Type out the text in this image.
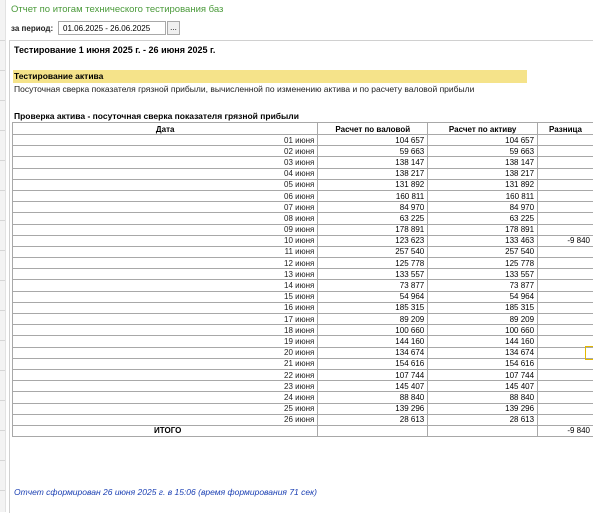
Отчет по итогам технического тестирования баз
за период:	01.06.2025 - 26.06.2025	...
Тестирование 1 июня 2025 г. - 26 июня 2025 г.
Тестирование актива
Посуточная сверка показателя грязной прибыли, вычисленной по изменению актива и по расчету валовой прибыли
Проверка актива - посуточная сверка показателя грязной прибыли
Дата	Расчет по валовой	Расчет по активу	Разница
01 июня	104 657	104 657	
02 июня	59 663	59 663	
03 июня	138 147	138 147	
04 июня	138 217	138 217	
05 июня	131 892	131 892	
06 июня	160 811	160 811	
07 июня	84 970	84 970	
08 июня	63 225	63 225	
09 июня	178 891	178 891	
10 июня	123 623	133 463	-9 840
11 июня	257 540	257 540	
12 июня	125 778	125 778	
13 июня	133 557	133 557	
14 июня	73 877	73 877	
15 июня	54 964	54 964	
16 июня	185 315	185 315	
17 июня	89 209	89 209	
18 июня	100 660	100 660	
19 июня	144 160	144 160	
20 июня	134 674	134 674	
21 июня	154 616	154 616	
22 июня	107 744	107 744	
23 июня	145 407	145 407	
24 июня	88 840	88 840	
25 июня	139 296	139 296	
26 июня	28 613	28 613	
ИТОГО			-9 840
Отчет сформирован 26 июня 2025 г. в 15:06 (время формирования 71 сек)
